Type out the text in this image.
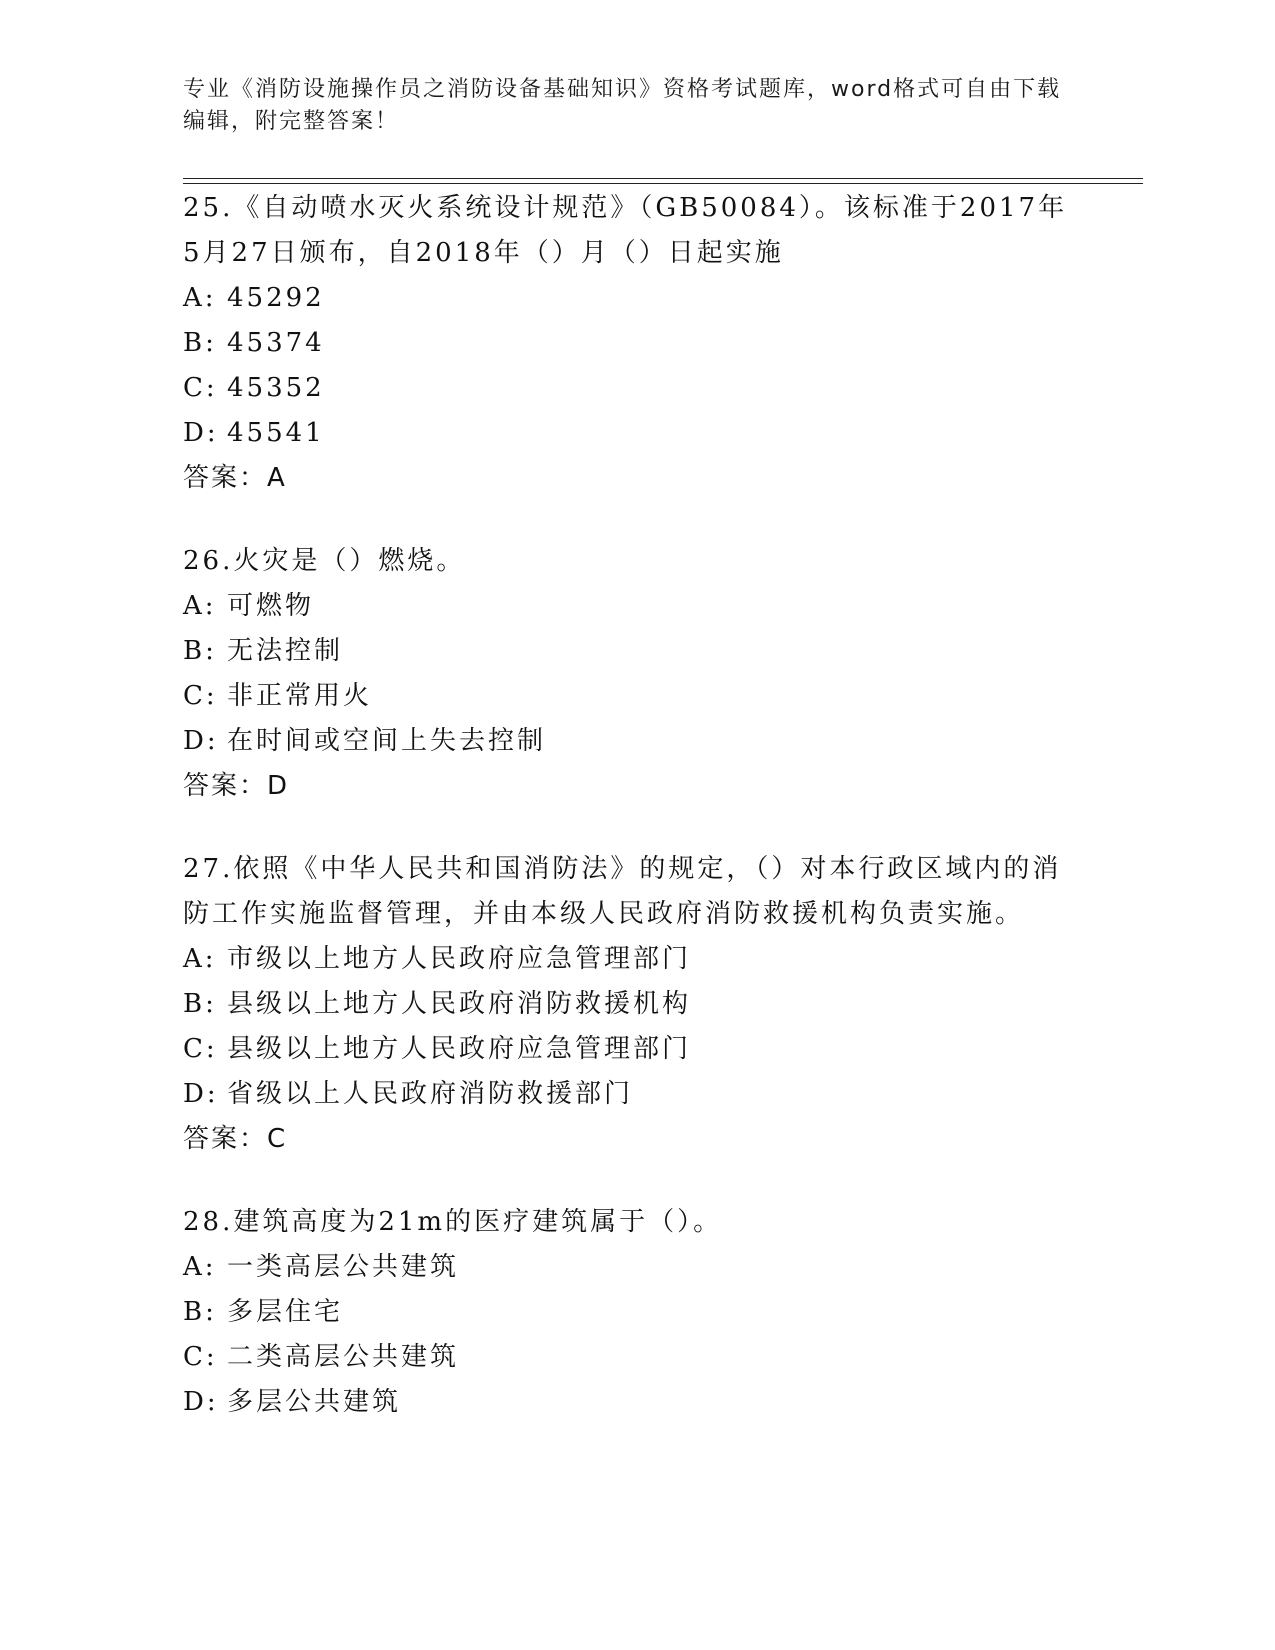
专业《消防设施操作员之消防设备基础知识》资格考试题库，word格式可自由下载编辑，附完整答案！

25.《自动喷水灭火系统设计规范》（GB50084）。该标准于2017年5月27日颁布，自2018年（）月（）日起实施

A: 45292

B: 45374

C: 45352

D: 45541

答案：A

26.火灾是（）燃烧。

A: 可燃物

B: 无法控制

C: 非正常用火

D: 在时间或空间上失去控制

答案：D

27.依照《中华人民共和国消防法》的规定，（）对本行政区域内的消防工作实施监督管理，并由本级人民政府消防救援机构负责实施。

A: 市级以上地方人民政府应急管理部门

B: 县级以上地方人民政府消防救援机构

C: 县级以上地方人民政府应急管理部门

D: 省级以上人民政府消防救援部门

答案：C

28.建筑高度为21m的医疗建筑属于（）。

A: 一类高层公共建筑

B: 多层住宅

C: 二类高层公共建筑

D: 多层公共建筑
